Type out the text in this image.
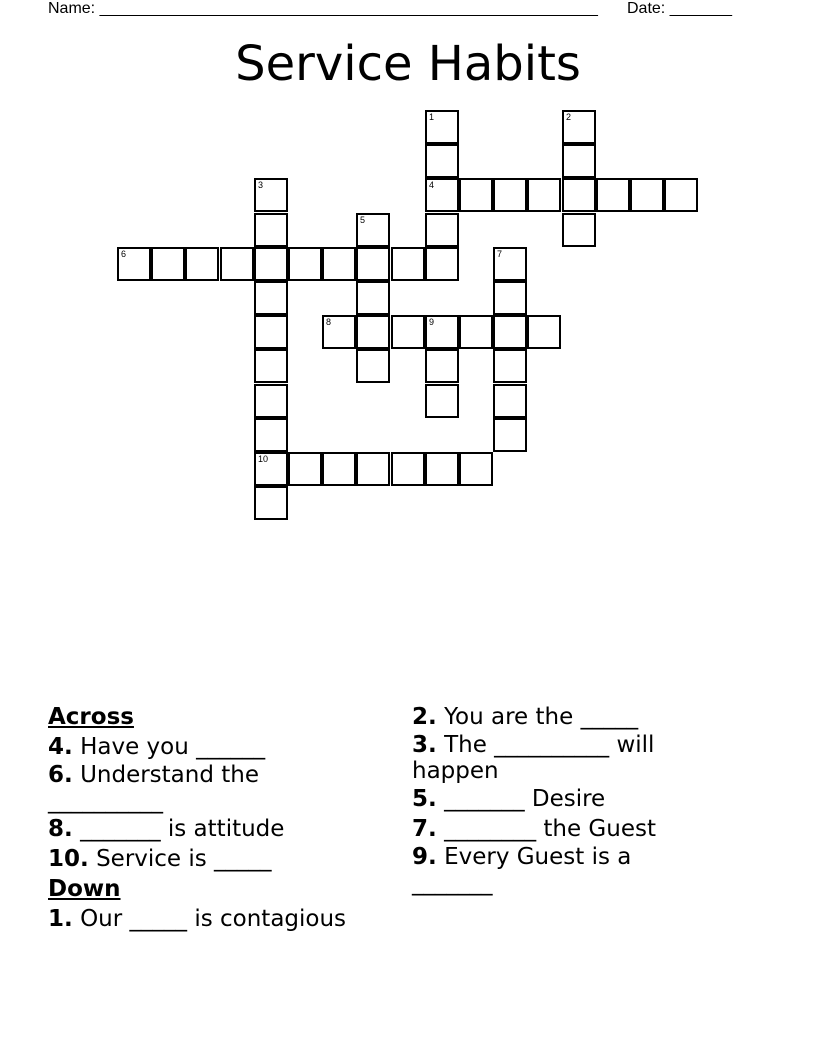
Name: ________________________________________________________ Date: _______
Service Habits
1
4
2
3
10
5
6	7
8	9
Across
4. Have you ______
6. Understand the __________
8. _______ is attitude
10. Service is _____
Down
1. Our _____ is contagious
2. You are the _____
3. The __________ will happen
5. _______ Desire
7. ________ the Guest
9. Every Guest is a _______
